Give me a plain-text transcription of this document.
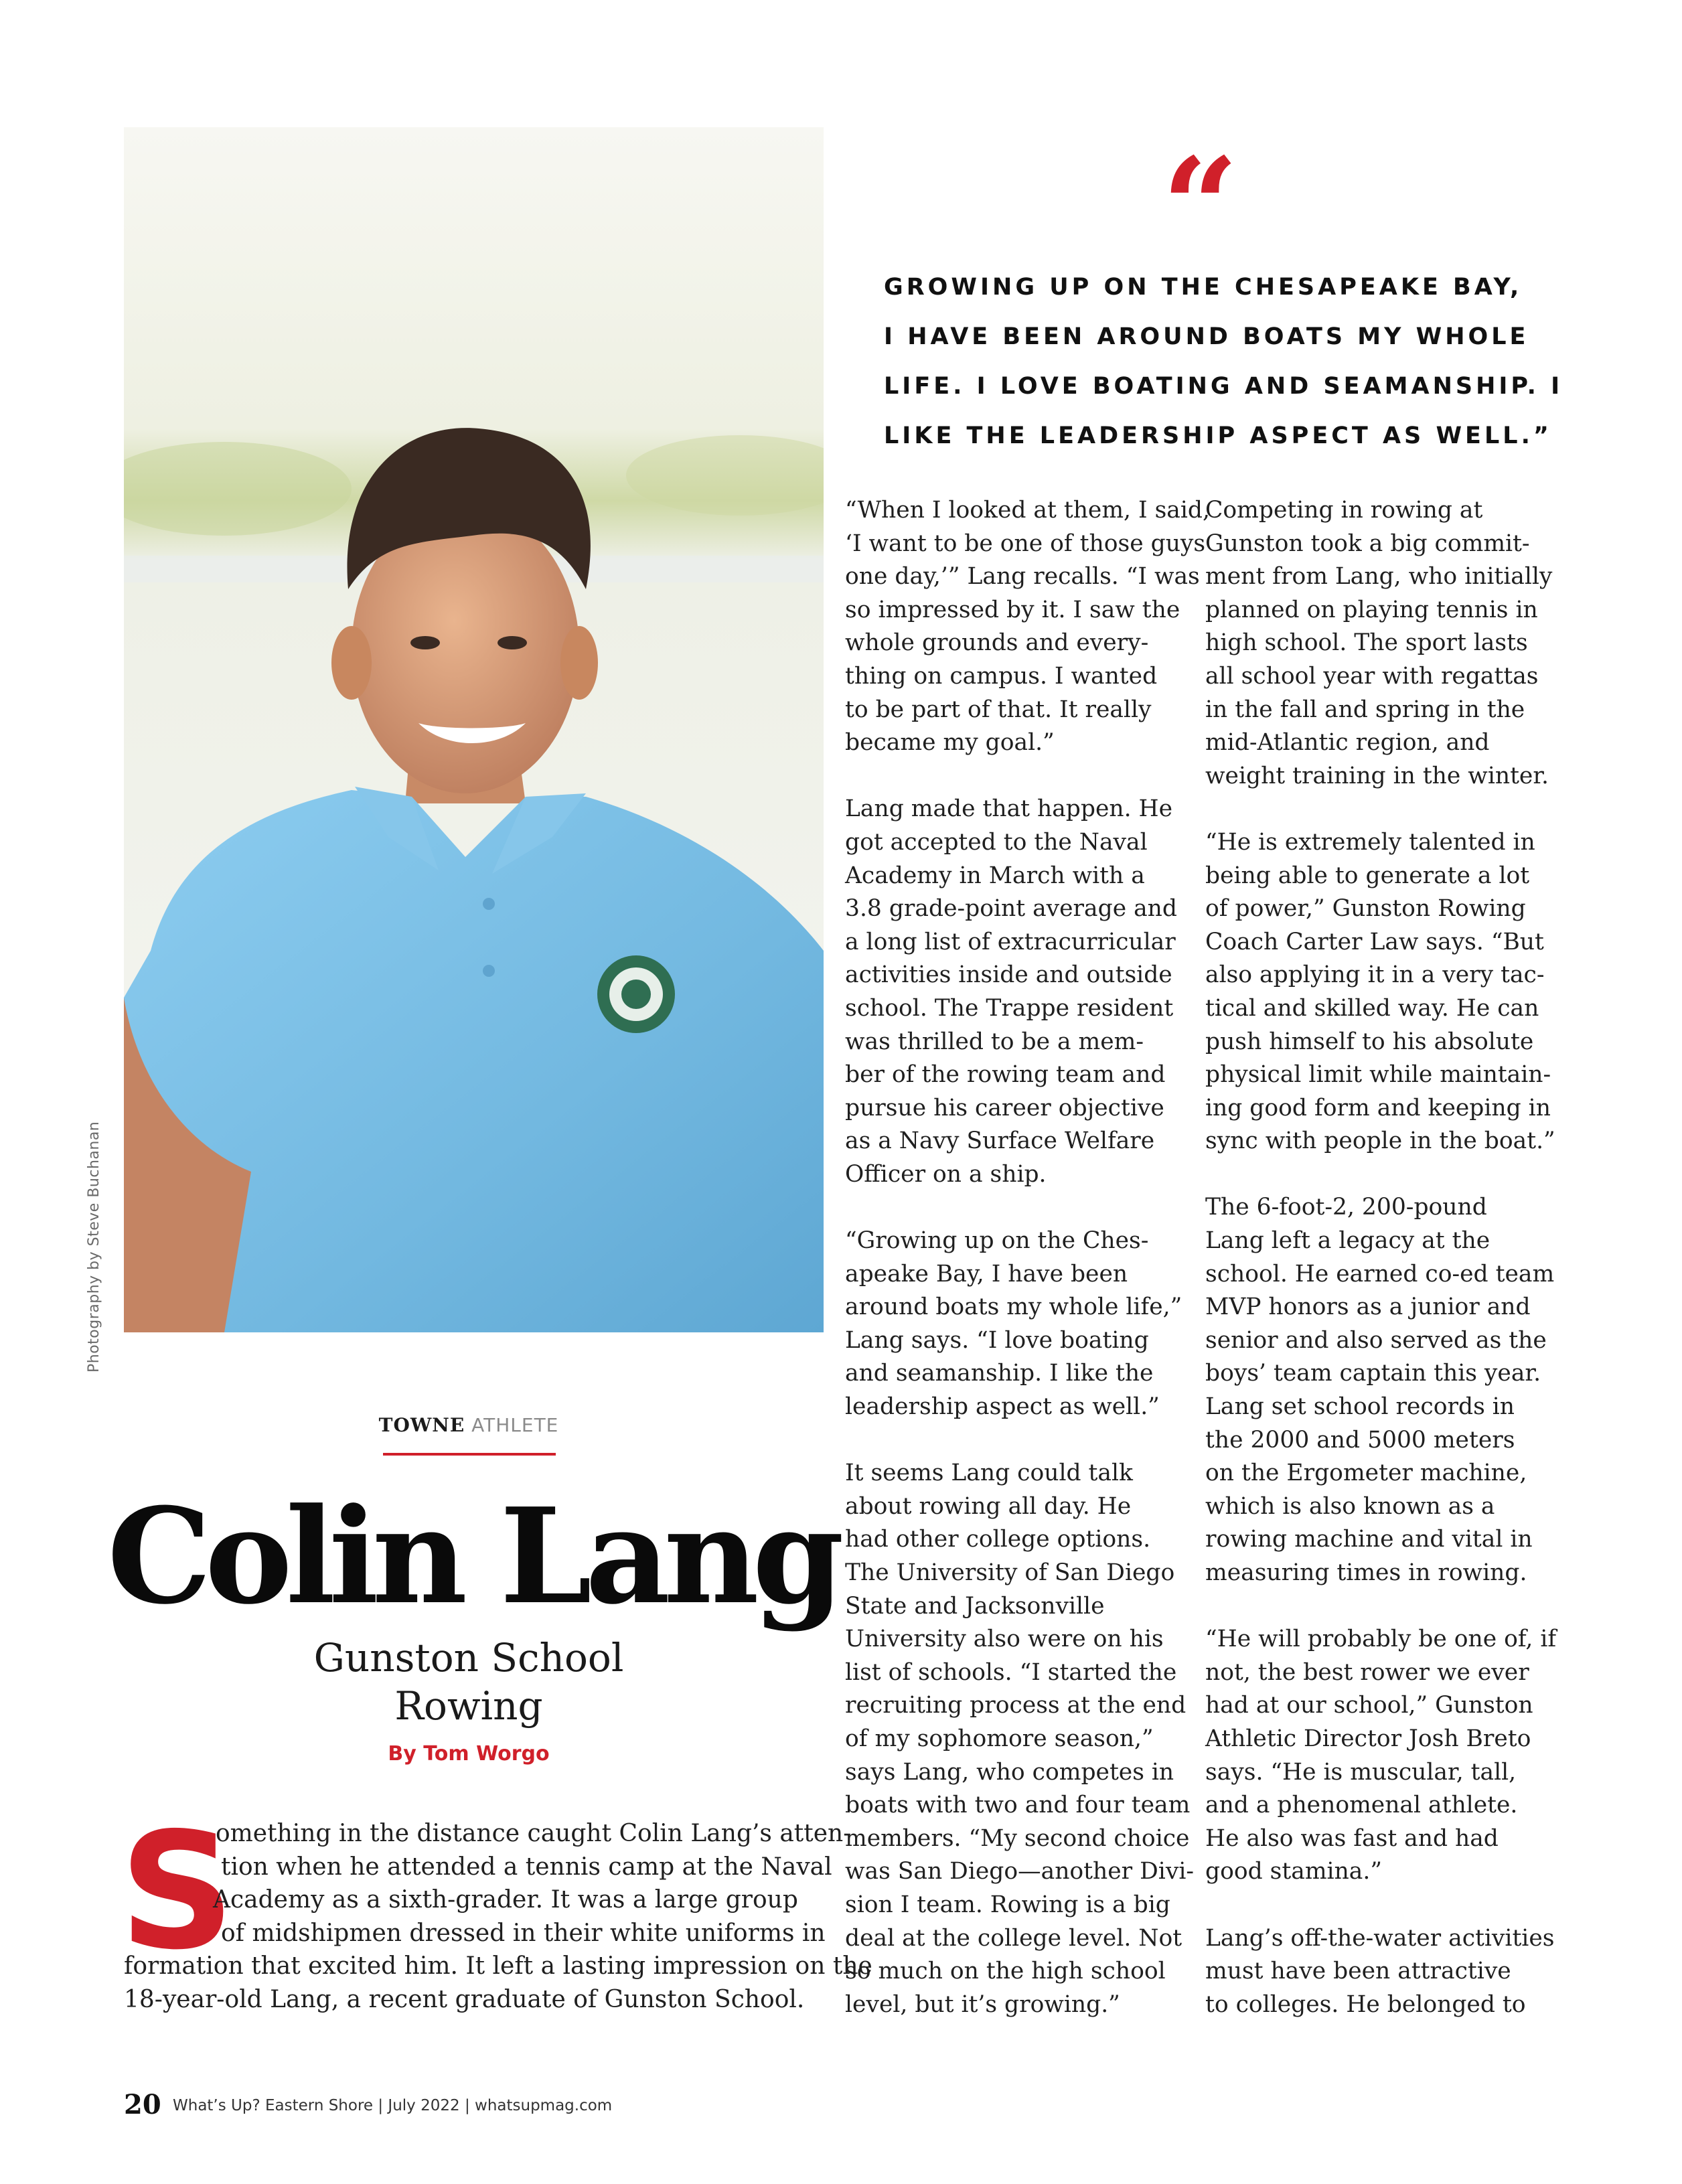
Photography by Steve Buchanan
“
GROWING UP ON THE CHESAPEAKE BAY,
I HAVE BEEN AROUND BOATS MY WHOLE
LIFE. I LOVE BOATING AND SEAMANSHIP. I
LIKE THE LEADERSHIP ASPECT AS WELL.”
“When I looked at them, I said,
‘I want to be one of those guys
one day,’” Lang recalls. “I was
so impressed by it. I saw the
whole grounds and every-
thing on campus. I wanted
to be part of that. It really
became my goal.”
Lang made that happen. He
got accepted to the Naval
Academy in March with a
3.8 grade-point average and
a long list of extracurricular
activities inside and outside
school. The Trappe resident
was thrilled to be a mem-
ber of the rowing team and
pursue his career objective
as a Navy Surface Welfare
Officer on a ship.
“Growing up on the Ches-
apeake Bay, I have been
around boats my whole life,”
Lang says. “I love boating
and seamanship. I like the
leadership aspect as well.”
It seems Lang could talk
about rowing all day. He
had other college options.
The University of San Diego
State and Jacksonville
University also were on his
list of schools. “I started the
recruiting process at the end
of my sophomore season,”
says Lang, who competes in
boats with two and four team
members. “My second choice
was San Diego—another Divi-
sion I team. Rowing is a big
deal at the college level. Not
so much on the high school
level, but it’s growing.”
Competing in rowing at
Gunston took a big commit-
ment from Lang, who initially
planned on playing tennis in
high school. The sport lasts
all school year with regattas
in the fall and spring in the
mid-Atlantic region, and
weight training in the winter.
“He is extremely talented in
being able to generate a lot
of power,” Gunston Rowing
Coach Carter Law says. “But
also applying it in a very tac-
tical and skilled way. He can
push himself to his absolute
physical limit while maintain-
ing good form and keeping in
sync with people in the boat.”
The 6-foot-2, 200-pound
Lang left a legacy at the
school. He earned co-ed team
MVP honors as a junior and
senior and also served as the
boys’ team captain this year.
Lang set school records in
the 2000 and 5000 meters
on the Ergometer machine,
which is also known as a
rowing machine and vital in
measuring times in rowing.
“He will probably be one of, if
not, the best rower we ever
had at our school,” Gunston
Athletic Director Josh Breto
says. “He is muscular, tall,
and a phenomenal athlete.
He also was fast and had
good stamina.”
Lang’s off-the-water activities
must have been attractive
to colleges. He belonged to
TOWNE ATHLETE
Colin Lang
Gunston School
Rowing
By Tom Worgo
S
omething in the distance caught Colin Lang’s atten-
tion when he attended a tennis camp at the Naval
Academy as a sixth-grader. It was a large group
of midshipmen dressed in their white uniforms in
formation that excited him. It left a lasting impression on the
18-year-old Lang, a recent graduate of Gunston School.
20 What’s Up? Eastern Shore | July 2022 | whatsupmag.com
